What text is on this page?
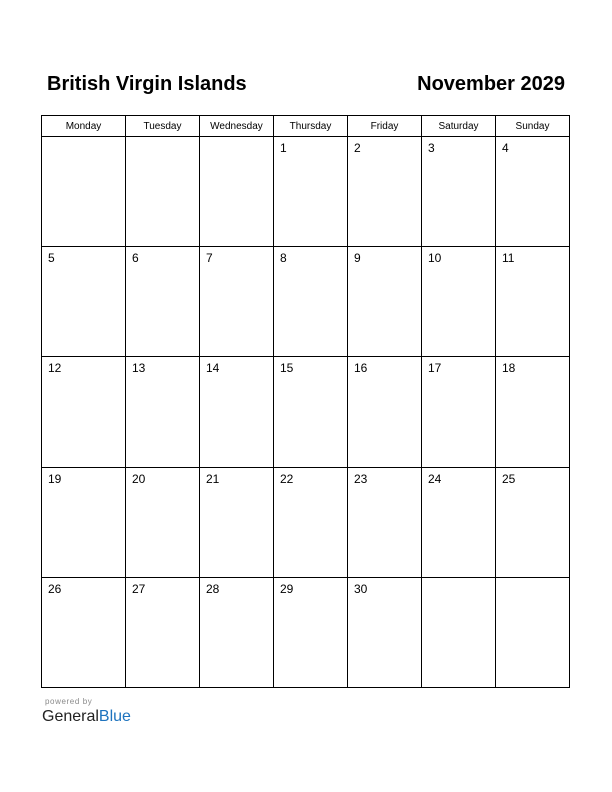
British Virgin Islands	November 2029
Monday	Tuesday	Wednesday	Thursday	Friday	Saturday	Sunday

			1	2	3	4

5	6	7	8	9	10	11

12	13	14	15	16	17	18

19	20	21	22	23	24	25

26	27	28	29	30		

powered by
GeneralBlue
